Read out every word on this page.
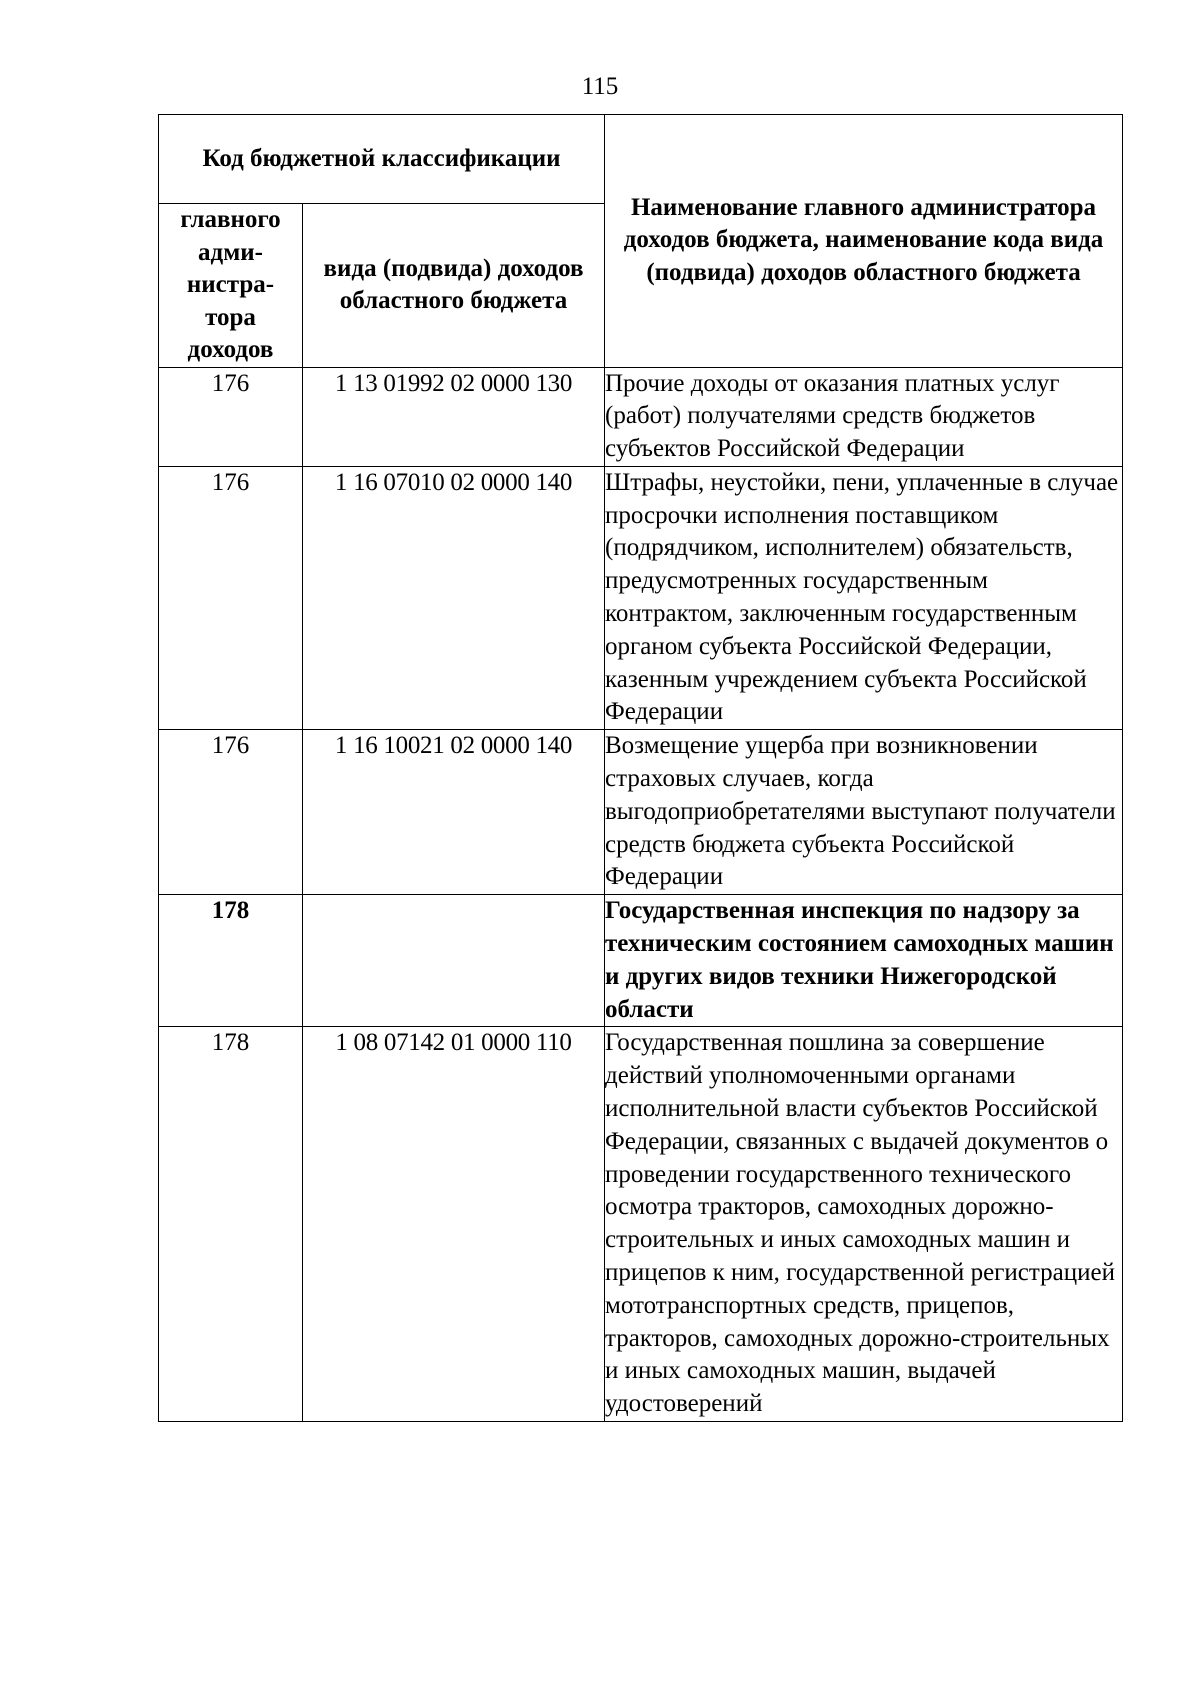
115
Код бюджетной классификации		Наименование главного администратора доходов бюджета, наименование кода вида (подвида) доходов областного бюджета
главного
адми-
нистра-
тора
доходов	вида (подвида) доходов областного бюджета	
176	1 13 01992 02 0000 130	Прочие доходы от оказания платных услуг (работ) получателями средств бюджетов субъектов Российской Федерации
176	1 16 07010 02 0000 140	Штрафы, неустойки, пени, уплаченные в случае просрочки исполнения поставщиком (подрядчиком, исполнителем) обязательств, предусмотренных государственным контрактом, заключенным государственным органом субъекта Российской Федерации, казенным учреждением субъекта Российской Федерации
176	1 16 10021 02 0000 140	Возмещение ущерба при возникновении страховых случаев, когда выгодоприобретателями выступают получатели средств бюджета субъекта Российской Федерации
178		Государственная инспекция по надзору за техническим состоянием самоходных машин и других видов техники Нижегородской области
178	1 08 07142 01 0000 110	Государственная пошлина за совершение действий уполномоченными органами исполнительной власти субъектов Российской Федерации, связанных с выдачей документов о проведении государственного технического осмотра тракторов, самоходных дорожно-строительных и иных самоходных машин и прицепов к ним, государственной регистрацией мототранспортных средств, прицепов, тракторов, самоходных дорожно-строительных и иных самоходных машин, выдачей удостоверений
